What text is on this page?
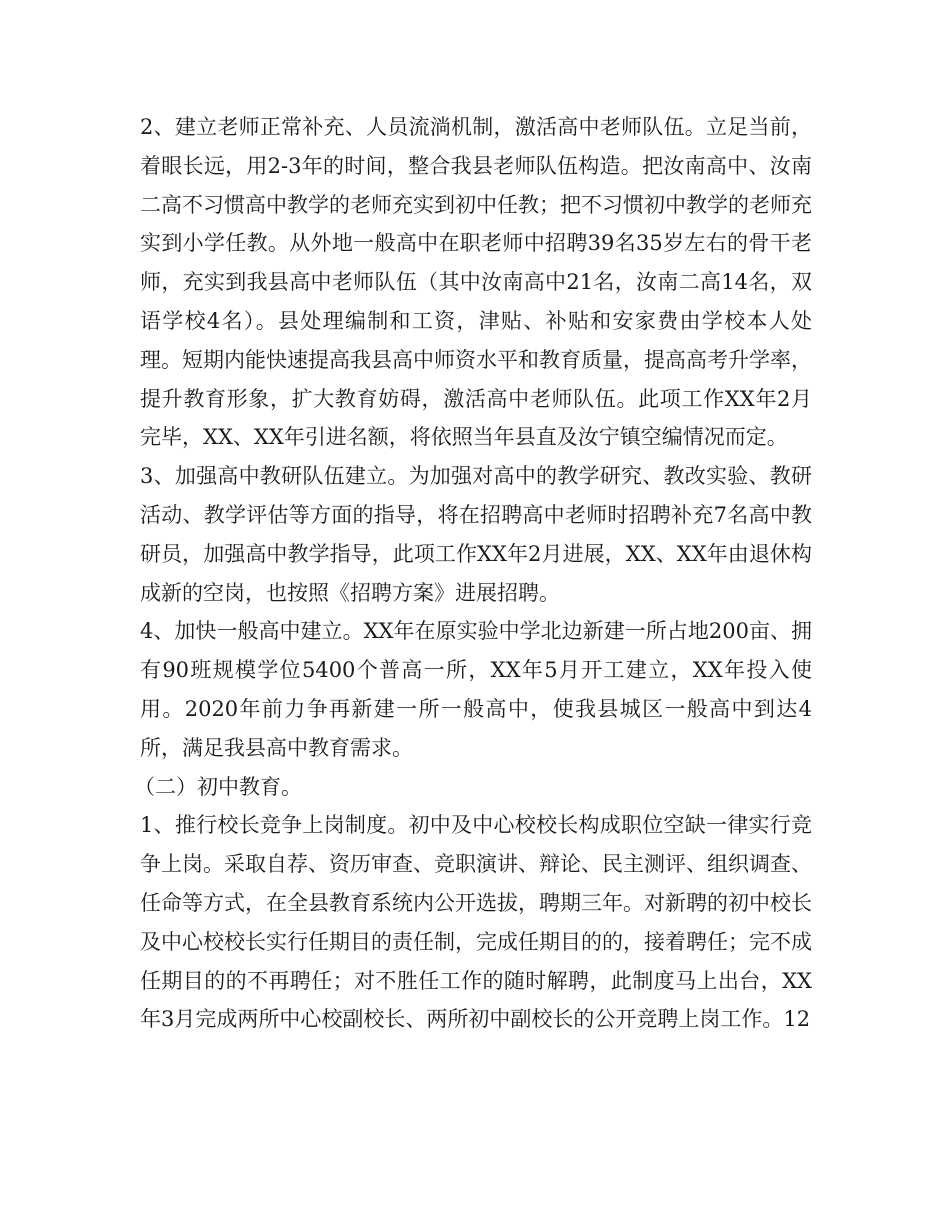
2、建立老师正常补充、人员流淌机制，激活高中老师队伍。立足当前，着眼长远，用2-3年的时间，整合我县老师队伍构造。把汝南高中、汝南二高不习惯高中教学的老师充实到初中任教；把不习惯初中教学的老师充实到小学任教。从外地一般高中在职老师中招聘39名35岁左右的骨干老师，充实到我县高中老师队伍（其中汝南高中21名，汝南二高14名，双语学校4名）。县处理编制和工资，津贴、补贴和安家费由学校本人处理。短期内能快速提高我县高中师资水平和教育质量，提高高考升学率，提升教育形象，扩大教育妨碍，激活高中老师队伍。此项工作XX年2月完毕，XX、XX年引进名额，将依照当年县直及汝宁镇空编情况而定。

3、加强高中教研队伍建立。为加强对高中的教学研究、教改实验、教研活动、教学评估等方面的指导，将在招聘高中老师时招聘补充7名高中教研员，加强高中教学指导，此项工作XX年2月进展，XX、XX年由退休构成新的空岗，也按照《招聘方案》进展招聘。

4、加快一般高中建立。XX年在原实验中学北边新建一所占地200亩、拥有90班规模学位5400个普高一所，XX年5月开工建立，XX年投入使用。2020年前力争再新建一所一般高中，使我县城区一般高中到达4所，满足我县高中教育需求。

（二）初中教育。

1、推行校长竞争上岗制度。初中及中心校校长构成职位空缺一律实行竞争上岗。采取自荐、资历审查、竞职演讲、辩论、民主测评、组织调查、任命等方式，在全县教育系统内公开选拔，聘期三年。对新聘的初中校长及中心校校长实行任期目的责任制，完成任期目的的，接着聘任；完不成任期目的的不再聘任；对不胜任工作的随时解聘，此制度马上出台，XX年3月完成两所中心校副校长、两所初中副校长的公开竞聘上岗工作。12
